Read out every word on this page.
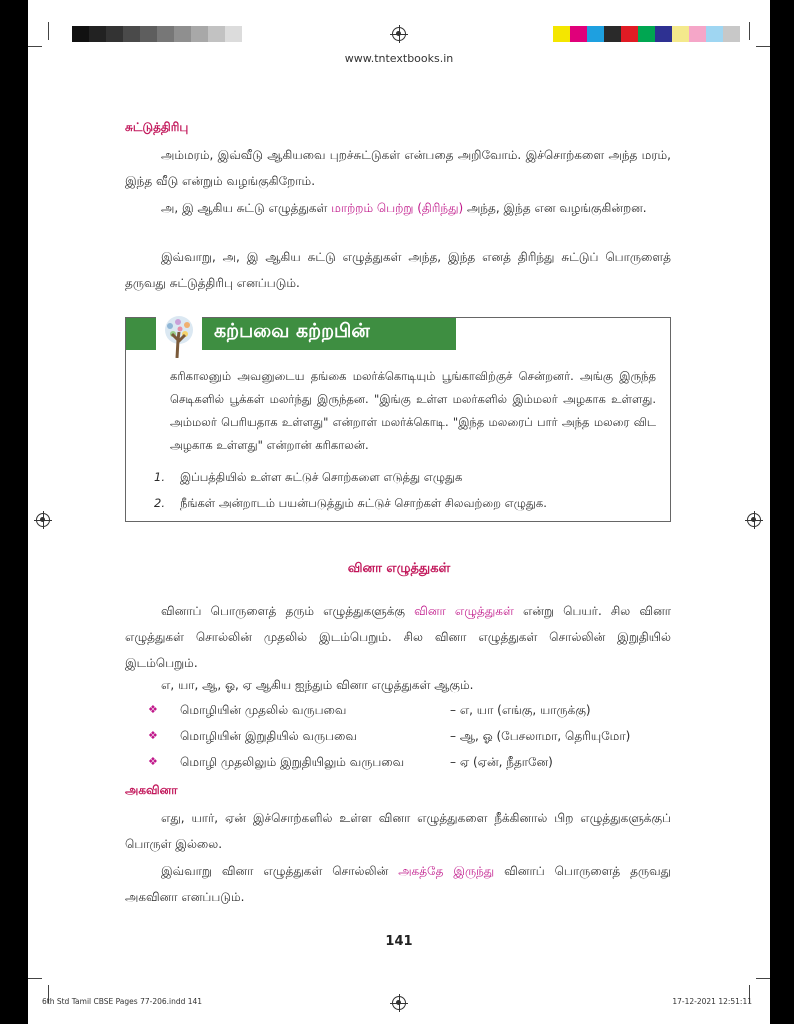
www.tntextbooks.in
சுட்டுத்திரிபு
அம்மரம், இவ்வீடு ஆகியவை புறச்சுட்டுகள் என்பதை அறிவோம். இச்சொற்களை அந்த மரம், இந்த வீடு என்றும் வழங்குகிறோம்.
அ, இ ஆகிய சுட்டு எழுத்துகள் மாற்றம் பெற்று (திரிந்து) அந்த, இந்த என வழங்குகின்றன.
இவ்வாறு, அ, இ ஆகிய சுட்டு எழுத்துகள் அந்த, இந்த எனத் திரிந்து சுட்டுப் பொருளைத் தருவது சுட்டுத்திரிபு எனப்படும்.
கற்பவை கற்றபின்
கரிகாலனும் அவனுடைய தங்கை மலர்க்கொடியும் பூங்காவிற்குச் சென்றனர். அங்கு இருந்த செடிகளில் பூக்கள் மலர்ந்து இருந்தன. "இங்கு உள்ள மலர்களில் இம்மலர் அழகாக உள்ளது. அம்மலர் பெரியதாக உள்ளது" என்றாள் மலர்க்கொடி. "இந்த மலரைப் பார் அந்த மலரை விட அழகாக உள்ளது" என்றான் கரிகாலன்.
1. இப்பத்தியில் உள்ள சுட்டுச் சொற்களை எடுத்து எழுதுக
2. நீங்கள் அன்றாடம் பயன்படுத்தும் சுட்டுச் சொற்கள் சிலவற்றை எழுதுக.
வினா எழுத்துகள்
வினாப் பொருளைத் தரும் எழுத்துகளுக்கு வினா எழுத்துகள் என்று பெயர். சில வினா எழுத்துகள் சொல்லின் முதலில் இடம்பெறும். சில வினா எழுத்துகள் சொல்லின் இறுதியில் இடம்பெறும்.
எ, யா, ஆ, ஓ, ஏ ஆகிய ஐந்தும் வினா எழுத்துகள் ஆகும்.
❖ மொழியின் முதலில் வருபவை	– எ, யா (எங்கு, யாருக்கு)
❖ மொழியின் இறுதியில் வருபவை	– ஆ, ஓ (பேசலாமா, தெரியுமோ)
❖ மொழி முதலிலும் இறுதியிலும் வருபவை	– ஏ (ஏன், நீதானே)
அகவினா
எது, யார், ஏன் இச்சொற்களில் உள்ள வினா எழுத்துகளை நீக்கினால் பிற எழுத்துகளுக்குப் பொருள் இல்லை.
இவ்வாறு வினா எழுத்துகள் சொல்லின் அகத்தே இருந்து வினாப் பொருளைத் தருவது அகவினா எனப்படும்.
141
6th Std Tamil CBSE Pages 77-206.indd 141	17-12-2021 12:51:11
